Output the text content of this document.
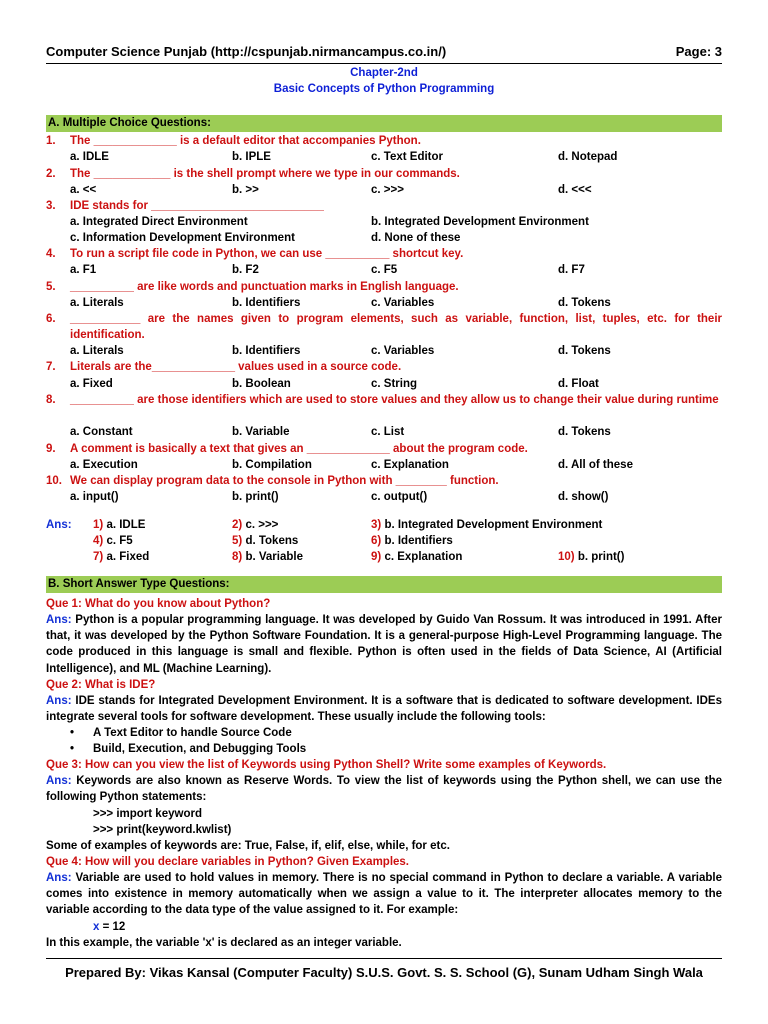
Computer Science Punjab (http://cspunjab.nirmancampus.co.in/)	Page: 3
Chapter-2nd
Basic Concepts of Python Programming
A. Multiple Choice Questions:
1.	The _____________ is a default editor that accompanies Python.
a. IDLE	b. IPLE	c. Text Editor	d. Notepad
2.	The ____________ is the shell prompt where we type in our commands.
a. <<	b. >>	c. >>>	d. <<<
3.	IDE stands for ___________________________
a. Integrated Direct Environment	b. Integrated Development Environment
c. Information Development Environment	d. None of these
4.	To run a script file code in Python, we can use __________ shortcut key.
a. F1	b. F2	c. F5	d. F7
5.	__________ are like words and punctuation marks in English language.
a. Literals	b. Identifiers	c. Variables	d. Tokens
6.	___________ are the names given to program elements, such as variable, function, list, tuples, etc. for their identification.
a. Literals	b. Identifiers	c. Variables	d. Tokens
7.	Literals are the_____________ values used in a source code.
a. Fixed	b. Boolean	c. String	d. Float
8.	__________ are those identifiers which are used to store values and they allow us to change their value during runtime
a. Constant	b. Variable	c. List	d. Tokens
9.	A comment is basically a text that gives an _____________ about the program code.
a. Execution	b. Compilation	c. Explanation	d. All of these
10. We can display program data to the console in Python with ________ function.
a. input()	b. print()	c. output()	d. show()
Ans: 1) a. IDLE	2) c. >>>	3) b. Integrated Development Environment
4) c. F5	5) d. Tokens	6) b. Identifiers
7) a. Fixed	8) b. Variable	9) c. Explanation	10) b. print()
B. Short Answer Type Questions:
Que 1: What do you know about Python?
Ans: Python is a popular programming language. It was developed by Guido Van Rossum. It was introduced in 1991. After that, it was developed by the Python Software Foundation. It is a general-purpose High-Level Programming language. The code produced in this language is small and flexible. Python is often used in the fields of Data Science, AI (Artificial Intelligence), and ML (Machine Learning).
Que 2: What is IDE?
Ans: IDE stands for Integrated Development Environment. It is a software that is dedicated to software development. IDEs integrate several tools for software development. These usually include the following tools:
• A Text Editor to handle Source Code
• Build, Execution, and Debugging Tools
Que 3: How can you view the list of Keywords using Python Shell? Write some examples of Keywords.
Ans: Keywords are also known as Reserve Words. To view the list of keywords using the Python shell, we can use the following Python statements:
>>> import keyword
>>> print(keyword.kwlist)
Some of examples of keywords are: True, False, if, elif, else, while, for etc.
Que 4: How will you declare variables in Python? Given Examples.
Ans: Variable are used to hold values in memory. There is no special command in Python to declare a variable. A variable comes into existence in memory automatically when we assign a value to it. The interpreter allocates memory to the variable according to the data type of the value assigned to it. For example:
x = 12
In this example, the variable 'x' is declared as an integer variable.
Prepared By: Vikas Kansal (Computer Faculty) S.U.S. Govt. S. S. School (G), Sunam Udham Singh Wala
